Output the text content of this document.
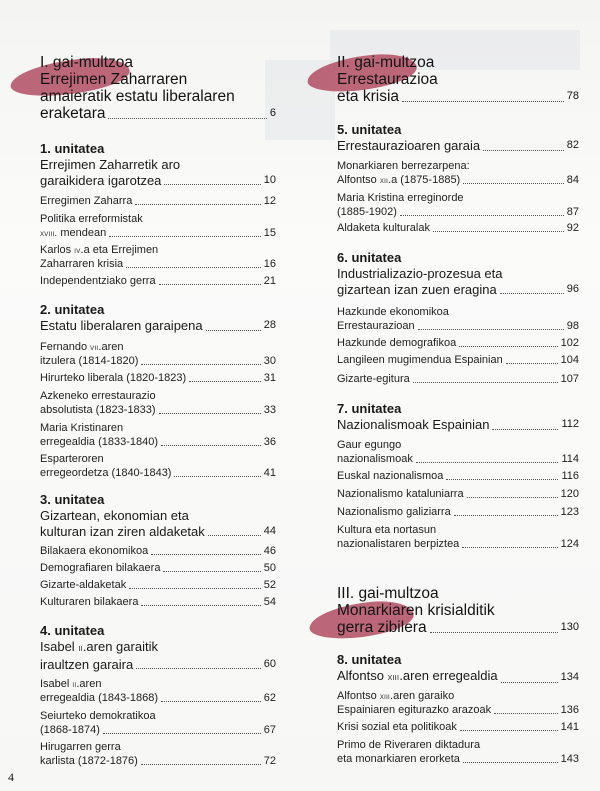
I. gai-multzoa
Errejimen Zaharraren
amaieratik estatu liberalaren
eraketara	6
1. unitatea
Errejimen Zaharretik aro
garaikidera igarotzea	10
Erregimen Zaharra	12
Politika erreformistak
xviii. mendean	15
Karlos iv.a eta Errejimen
Zaharraren krisia	16
Independentziako gerra	21
2. unitatea
Estatu liberalaren garaipena	28
Fernando vii.aren
itzulera (1814-1820)	30
Hirurteko liberala (1820-1823)	31
Azkeneko errestaurazio
absolutista (1823-1833)	33
Maria Kristinaren
erregealdia (1833-1840)	36
Esparteroren
erregeordetza (1840-1843)	41
3. unitatea
Gizartean, ekonomian eta
kulturan izan ziren aldaketak	44
Bilakaera ekonomikoa	46
Demografiaren bilakaera	50
Gizarte-aldaketak	52
Kulturaren bilakaera	54
4. unitatea
Isabel ii.aren garaitik
iraultzen garaira	60
Isabel ii.aren
erregealdia (1843-1868)	62
Seiurteko demokratikoa
(1868-1874)	67
Hirugarren gerra
karlista (1872-1876)	72
II. gai-multzoa
Errestaurazioa
eta krisia	78
5. unitatea
Errestaurazioaren garaia	82
Monarkiaren berrezarpena:
Alfontso xii.a (1875-1885)	84
Maria Kristina erreginorde
(1885-1902)	87
Aldaketa kulturalak	92
6. unitatea
Industrializazio-prozesua eta
gizartean izan zuen eragina	96
Hazkunde ekonomikoa
Errestaurazioan	98
Hazkunde demografikoa	102
Langileen mugimendua Espainian	104
Gizarte-egitura	107
7. unitatea
Nazionalismoak Espainian	112
Gaur egungo
nazionalismoak	114
Euskal nazionalismoa	116
Nazionalismo kataluniarra	120
Nazionalismo galiziarra	123
Kultura eta nortasun
nazionalistaren berpiztea	124
III. gai-multzoa
Monarkiaren krisialditik
gerra zibilera	130
8. unitatea
Alfontso xiii.aren erregealdia	134
Alfontso xiii.aren garaiko
Espainiaren egiturazko arazoak	136
Krisi sozial eta politikoak	141
Primo de Riveraren diktadura
eta monarkiaren erorketa	143
4
